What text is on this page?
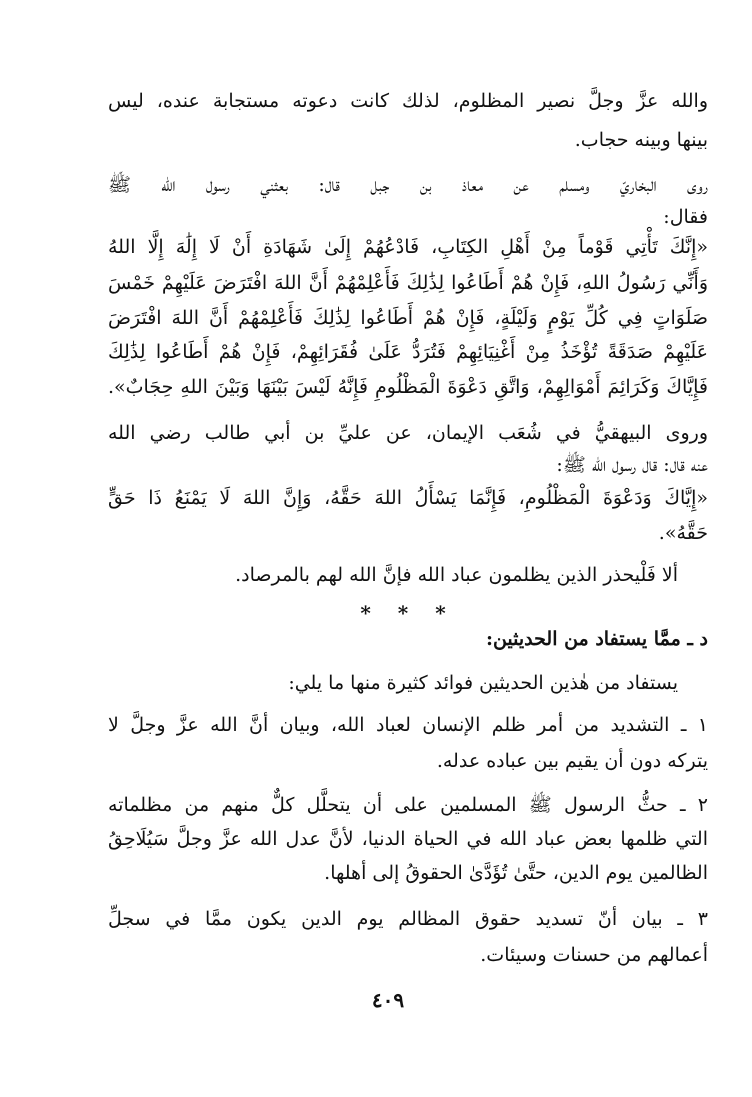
والله عزَّ وجلَّ نصير المظلوم، لذلك كانت دعوته مستجابة عنده، ليس
بينها وبينه حجاب.
روى البخاريّ ومسلم عن معاذ بن جبل قال: بعثني رسول الله ﷺ
فقال:
«إِنَّكَ تَأْتِي قَوْماً مِنْ أَهْلِ الكِتَابِ، فَادْعُهُمْ إِلَىٰ شَهَادَةِ أَنْ لَا إِلَٰهَ إِلَّا اللهُ
وَأَنِّي رَسُولُ اللهِ، فَإِنْ هُمْ أَطَاعُوا لِذَٰلِكَ فَأَعْلِمْهُمْ أَنَّ اللهَ افْتَرَضَ عَلَيْهِمْ خَمْسَ
صَلَوَاتٍ فِي كُلِّ يَوْمٍ وَلَيْلَةٍ، فَإِنْ هُمْ أَطَاعُوا لِذَٰلِكَ فَأَعْلِمْهُمْ أَنَّ اللهَ افْتَرَضَ
عَلَيْهِمْ صَدَقَةً تُؤْخَذُ مِنْ أَغْنِيَائِهِمْ فَتُرَدُّ عَلَىٰ فُقَرَائِهِمْ، فَإِنْ هُمْ أَطَاعُوا لِذَٰلِكَ
فَإِيَّاكَ وَكَرَائِمَ أَمْوَالِهِمْ، وَاتَّقِ دَعْوَةَ الْمَظْلُومِ فَإِنَّهُ لَيْسَ بَيْنَهَا وَبَيْنَ اللهِ حِجَابٌ».
وروى البيهقيُّ في شُعَب الإيمان، عن عليِّ بن أبي طالب رضي الله
عنه قال: قال رسول الله ﷺ:
«إِيَّاكَ وَدَعْوَةَ الْمَظْلُومِ، فَإِنَّمَا يَسْأَلُ اللهَ حَقَّهُ، وَإِنَّ اللهَ لَا يَمْنَعُ ذَا حَقٍّ
حَقَّهُ».
ألا فَلْيحذر الذين يظلمون عباد الله فإنَّ الله لهم بالمرصاد.
* * *
د ـ ممَّا يستفاد من الحديثين:
يستفاد من هٰذين الحديثين فوائد كثيرة منها ما يلي:
١ ـ التشديد من أمر ظلم الإنسان لعباد الله، وبيان أنَّ الله عزَّ وجلَّ لا
يتركه دون أن يقيم بين عباده عدله.
٢ ـ حثُّ الرسول ﷺ المسلمين على أن يتحلَّل كلٌّ منهم من مظلماته
التي ظلمها بعض عباد الله في الحياة الدنيا، لأنَّ عدل الله عزَّ وجلَّ سَيُلَاحِقُ
الظالمين يوم الدين، حتَّىٰ تُؤَدَّىٰ الحقوقُ إلى أهلها.
٣ ـ بيان أنّ تسديد حقوق المظالم يوم الدين يكون ممَّا في سجلِّ
أعمالهم من حسنات وسيئات.
٤٠٩
